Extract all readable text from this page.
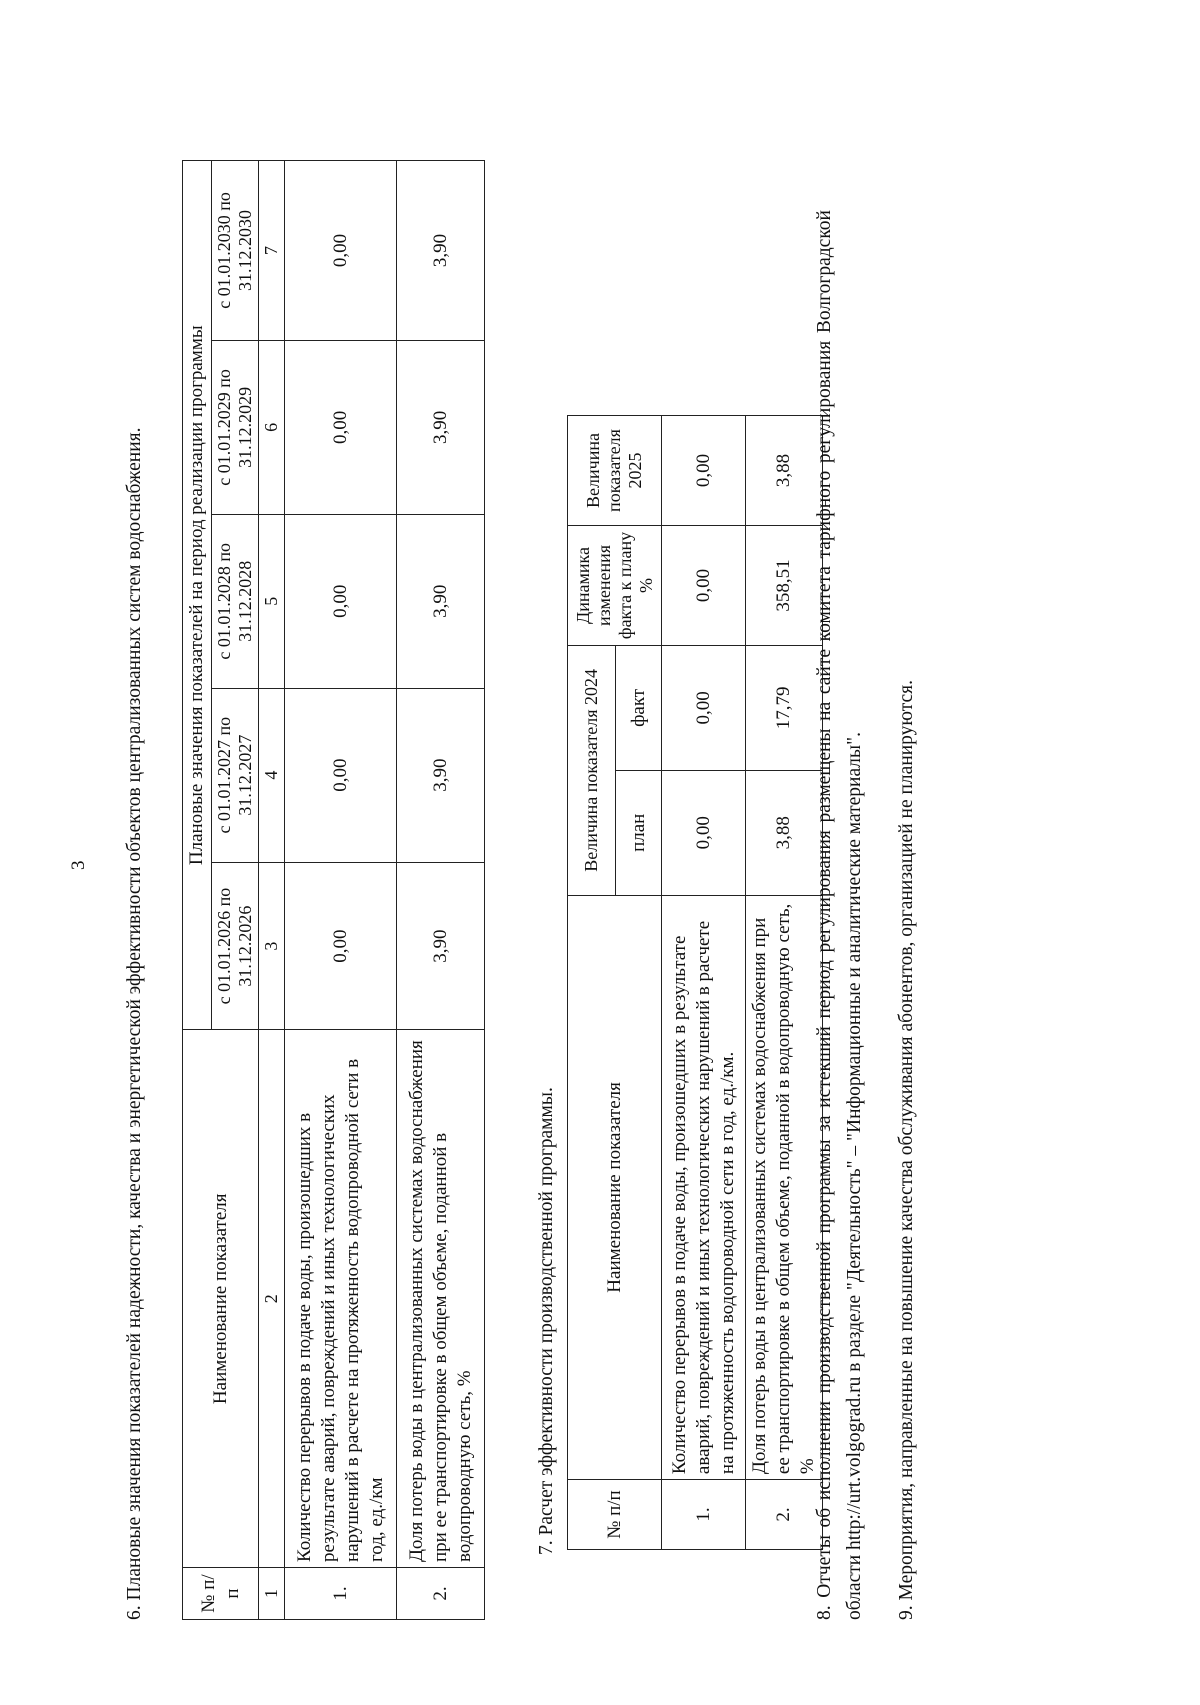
3 6. Плановые значения показателей надежности, качества и энергетической эффективности объектов централизованных систем водоснабжения.	№ п/п	Наименование показателя	Плановые значения показателей на период реализации программы				
		с 01.01.2026 по 31.12.2026	с 01.01.2027 по 31.12.2027	с 01.01.2028 по 31.12.2028	с 01.01.2029 по 31.12.2029	с 01.01.2030 по 31.12.2030
1	2	3	4	5	6	7
1.	Количество перерывов в подаче воды, произошедших в результате аварий, повреждений и иных технологических нарушений в расчете на протяженность водопроводной сети в год, ед./км	0,00	0,00	0,00	0,00	0,00
2.	Доля потерь воды в централизованных системах водоснабжения при ее транспортировке в общем объеме, поданной в водопроводную сеть, %	3,90	3,90	3,90	3,90	3,90
7. Расчет эффективности производственной программы. № п/п	Наименование показателя	Величина показателя 2024		Динамика изменения факта к плану %	Величина показателя 2025
		план	факт		
1.	Количество перерывов в подаче воды, произошедших в результате аварий, повреждений и иных технологических нарушений в расчете на протяженность водопроводной сети в год, ед./км.	0,00	0,00	0,00	0,00
2.	Доля потерь воды в централизованных системах водоснабжения при ее транспортировке в общем объеме, поданной в водопроводную сеть, %	3,88	17,79	358,51	3,88 8. Отчеты об исполнении производственной программы за истекший период регулирования размещены на сайте комитета тарифного регулирования Волгоградской области http://urt.volgograd.ru в разделе "Деятельность" – "Информационные и аналитические материалы". 9. Мероприятия, направленные на повышение качества обслуживания абонентов, организацией не планируются.
